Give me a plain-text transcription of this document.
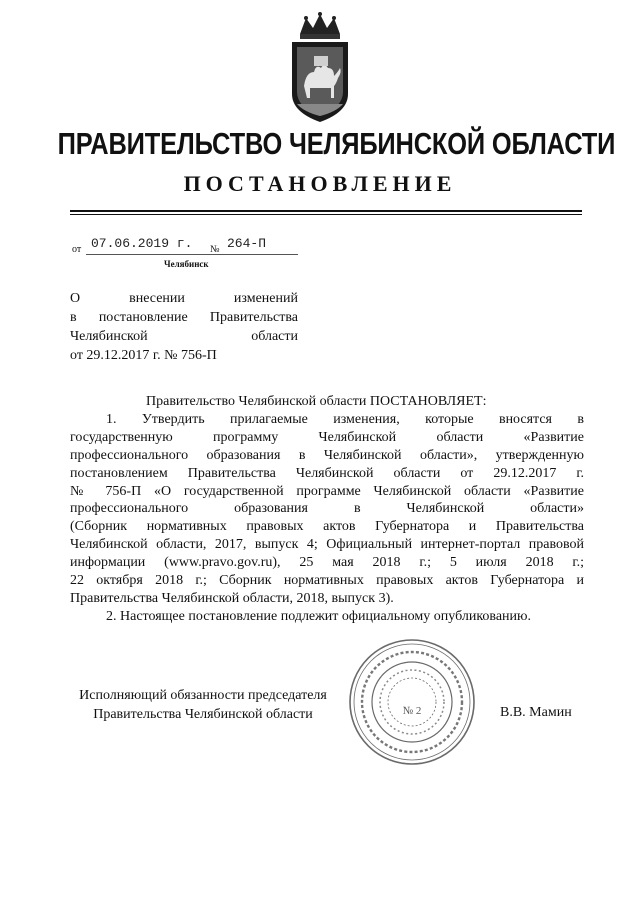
ПРАВИТЕЛЬСТВО ЧЕЛЯБИНСКОЙ ОБЛАСТИ
ПОСТАНОВЛЕНИЕ
от 07.06.2019 г. № 264-П
Челябинск
О внесении изменений
в постановление Правительства
Челябинской области
от 29.12.2017 г. № 756-П
Правительство Челябинской области ПОСТАНОВЛЯЕТ:
1. Утвердить прилагаемые изменения, которые вносятся в
государственную программу Челябинской области «Развитие
профессионального образования в Челябинской области», утвержденную
постановлением Правительства Челябинской области от 29.12.2017 г.
№ 756-П «О государственной программе Челябинской области «Развитие
профессионального образования в Челябинской области»
(Сборник нормативных правовых актов Губернатора и Правительства
Челябинской области, 2017, выпуск 4; Официальный интернет-портал правовой
информации (www.pravo.gov.ru), 25 мая 2018 г.; 5 июля 2018 г.;
22 октября 2018 г.; Сборник нормативных правовых актов Губернатора и
Правительства Челябинской области, 2018, выпуск 3).
2. Настоящее постановление подлежит официальному опубликованию.
Исполняющий обязанности председателя
Правительства Челябинской области	В.В. Мамин
№ 2
